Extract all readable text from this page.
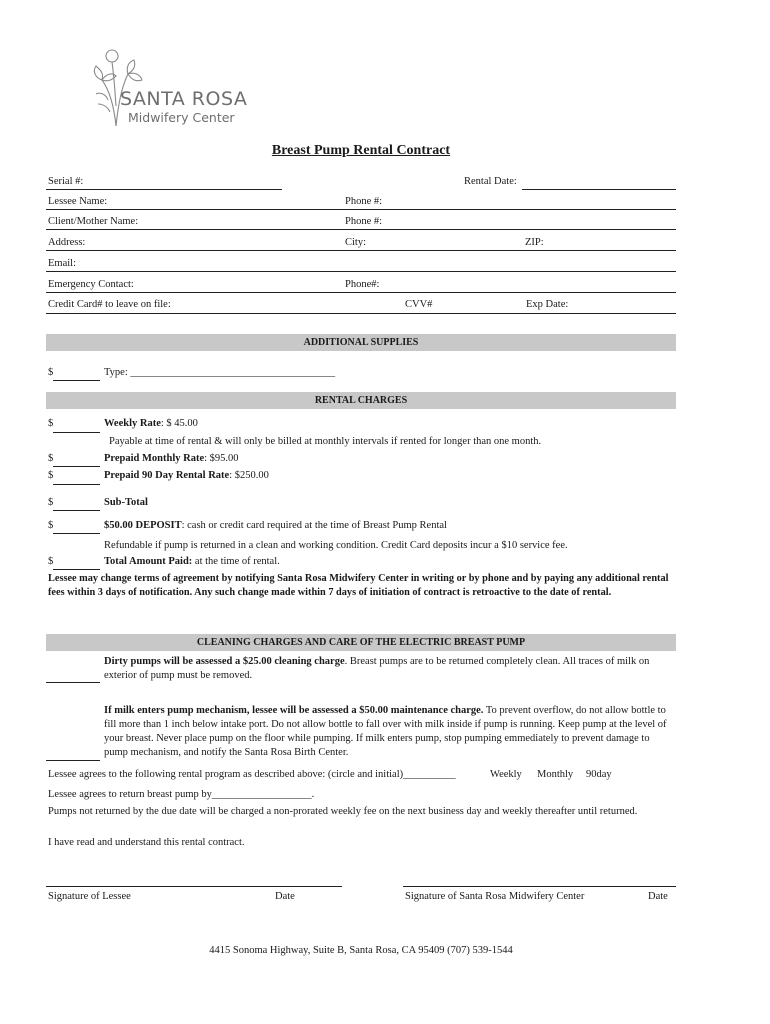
SANTA ROSA
Midwifery Center
Breast Pump Rental Contract
Serial #:	Rental Date:
Lessee Name:	Phone #:
Client/Mother Name:	Phone #:
Address:	City:	ZIP:
Email:
Emergency Contact:	Phone#:
Credit Card# to leave on file:	CVV#	Exp Date:
ADDITIONAL SUPPLIES
$	Type: _______________________________________
RENTAL CHARGES
$	Weekly Rate: $ 45.00
Payable at time of rental & will only be billed at monthly intervals if rented for longer than one month.
$	Prepaid Monthly Rate: $95.00
$	Prepaid 90 Day Rental Rate: $250.00
$	Sub-Total
$	$50.00 DEPOSIT: cash or credit card required at the time of Breast Pump Rental
Refundable if pump is returned in a clean and working condition. Credit Card deposits incur a $10 service fee.
$	Total Amount Paid: at the time of rental.
Lessee may change terms of agreement by notifying Santa Rosa Midwifery Center in writing or by phone and by paying any additional rental fees within 3 days of notification. Any such change made within 7 days of initiation of contract is retroactive to the date of rental.
CLEANING CHARGES AND CARE OF THE ELECTRIC BREAST PUMP
Dirty pumps will be assessed a $25.00 cleaning charge. Breast pumps are to be returned completely clean. All traces of milk on exterior of pump must be removed.
If milk enters pump mechanism, lessee will be assessed a $50.00 maintenance charge. To prevent overflow, do not allow bottle to fill more than 1 inch below intake port. Do not allow bottle to fall over with milk inside if pump is running. Keep pump at the level of your breast. Never place pump on the floor while pumping. If milk enters pump, stop pumping emmediately to prevent damage to pump mechanism, and notify the Santa Rosa Birth Center.
Lessee agrees to the following rental program as described above: (circle and initial)__________	Weekly Monthly 90day
Lessee agrees to return breast pump by___________________.
Pumps not returned by the due date will be charged a non-prorated weekly fee on the next business day and weekly thereafter until returned.
I have read and understand this rental contract.
Signature of Lessee	Date	Signature of Santa Rosa Midwifery Center	Date
4415 Sonoma Highway, Suite B, Santa Rosa, CA 95409 (707) 539-1544
